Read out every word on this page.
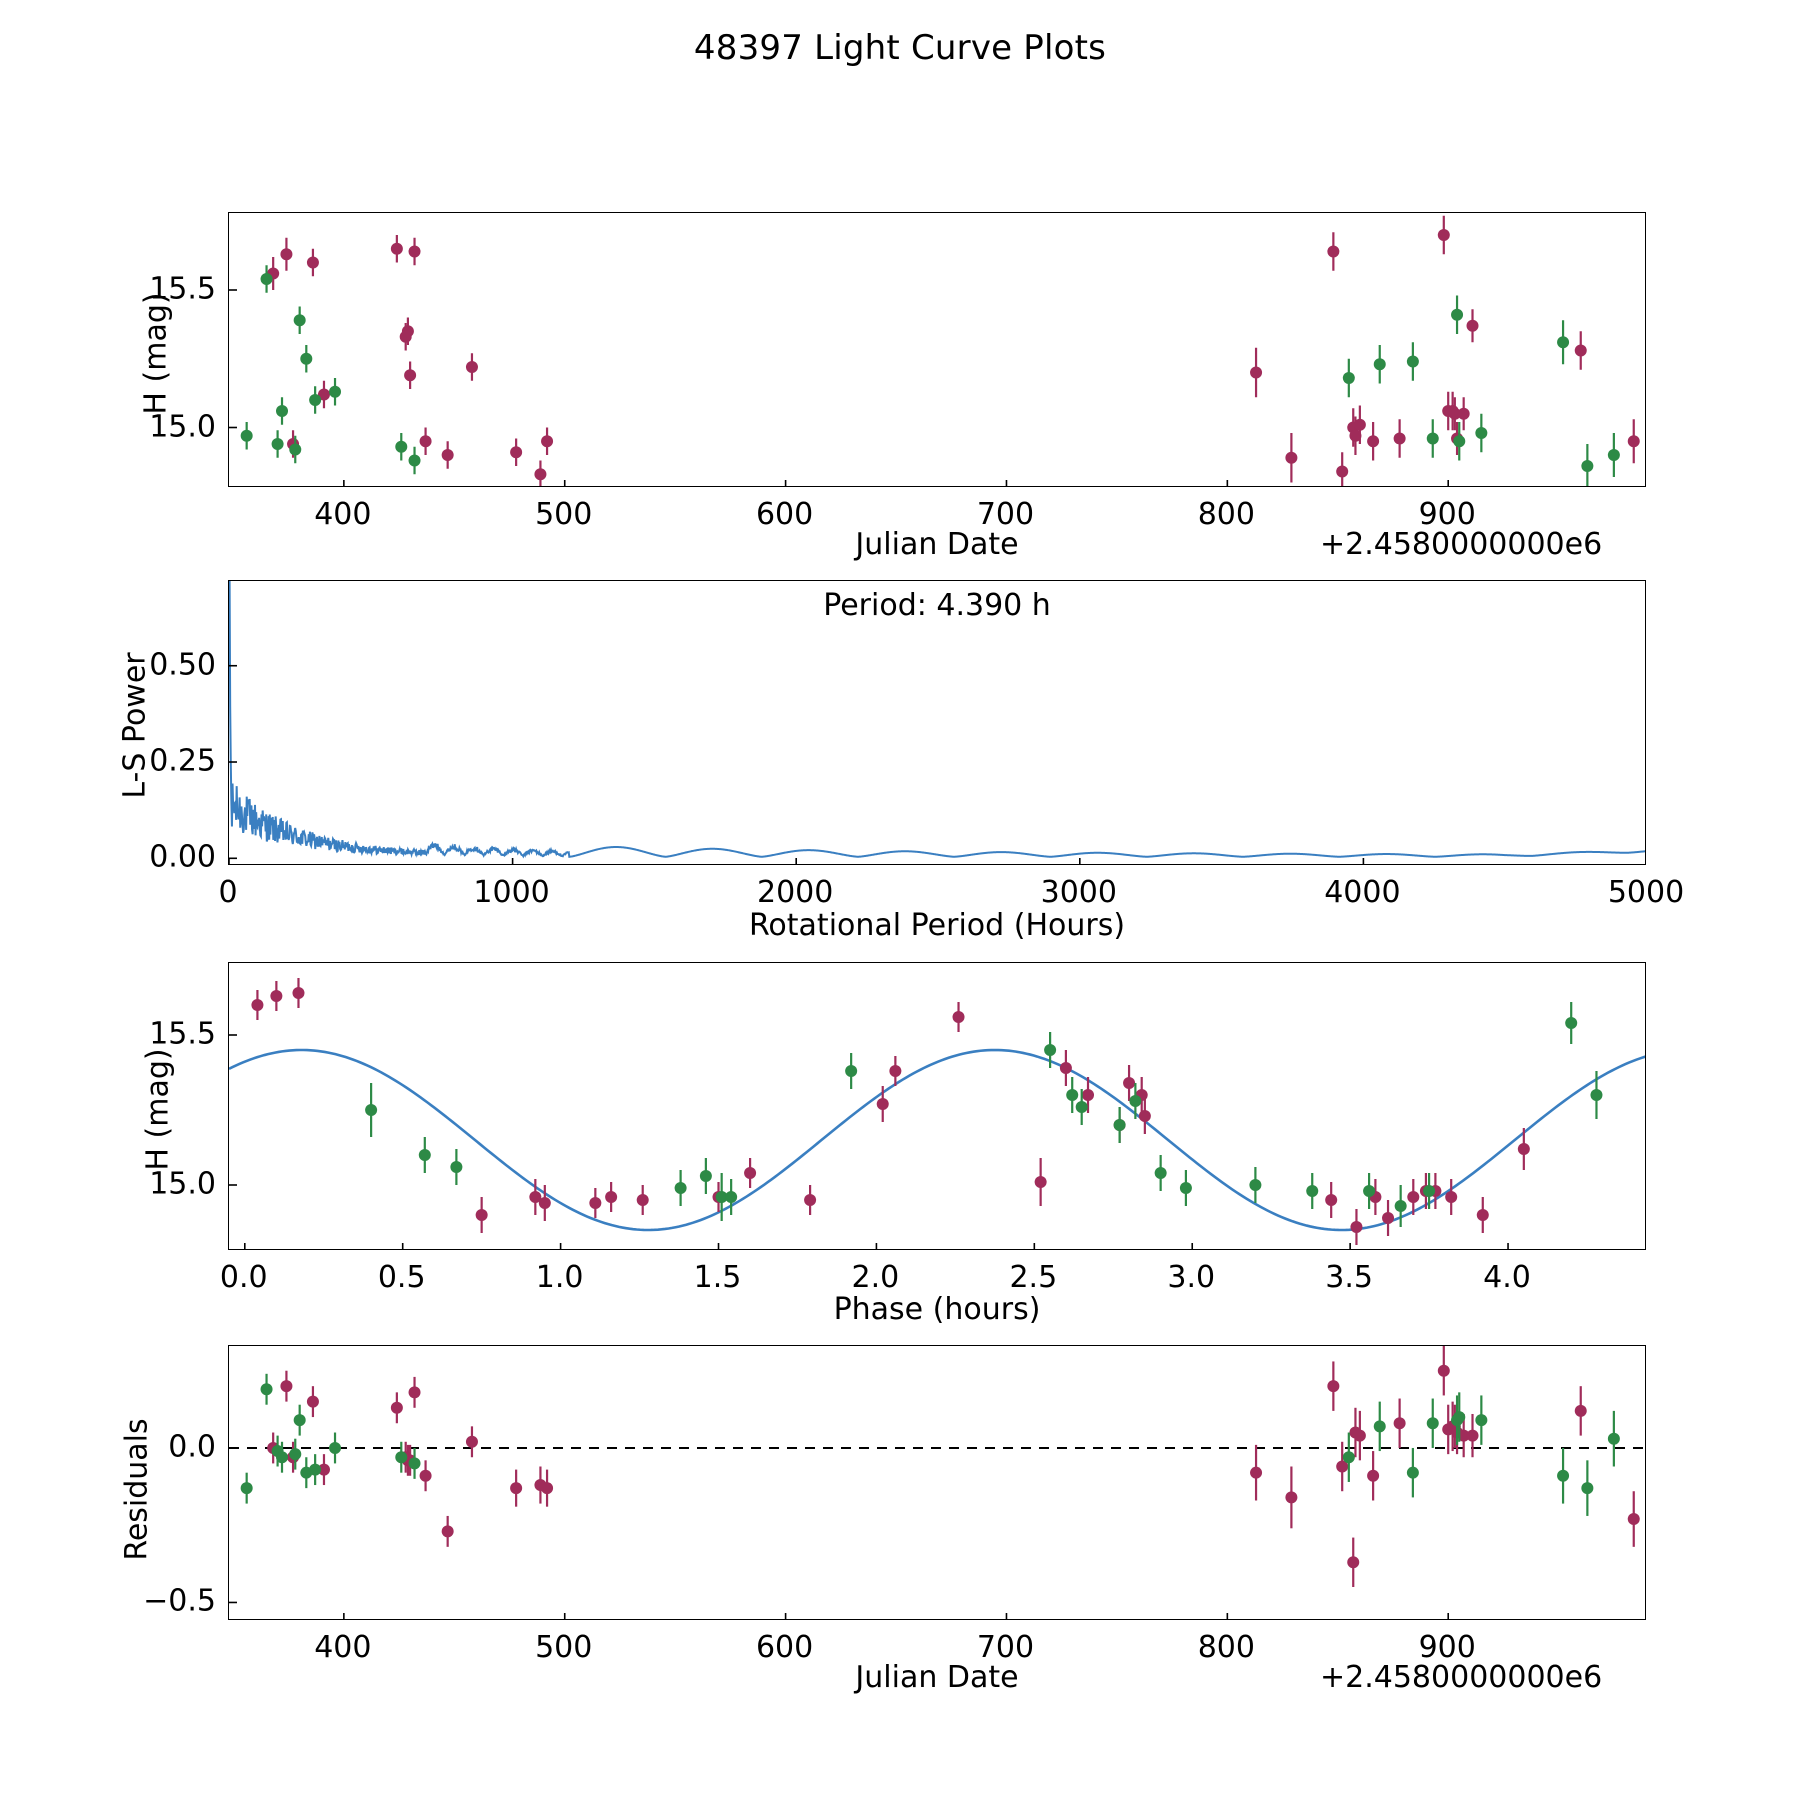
48397 Light Curve Plots
H (mag)
Julian Date	+2.4580000000e6
Period: 4.390 h
L-S Power
Rotational Period (Hours)
H (mag)
Phase (hours)
Residuals
Julian Date	+2.4580000000e6
400	500	600	700	800	900
15.0
15.5
0	1000	2000	3000	4000	5000
0.00
0.25
0.50
0.0	0.5	1.0	1.5	2.0	2.5	3.0	3.5	4.0
15.0
15.5
400	500	600	700	800	900
−0.5
0.0
